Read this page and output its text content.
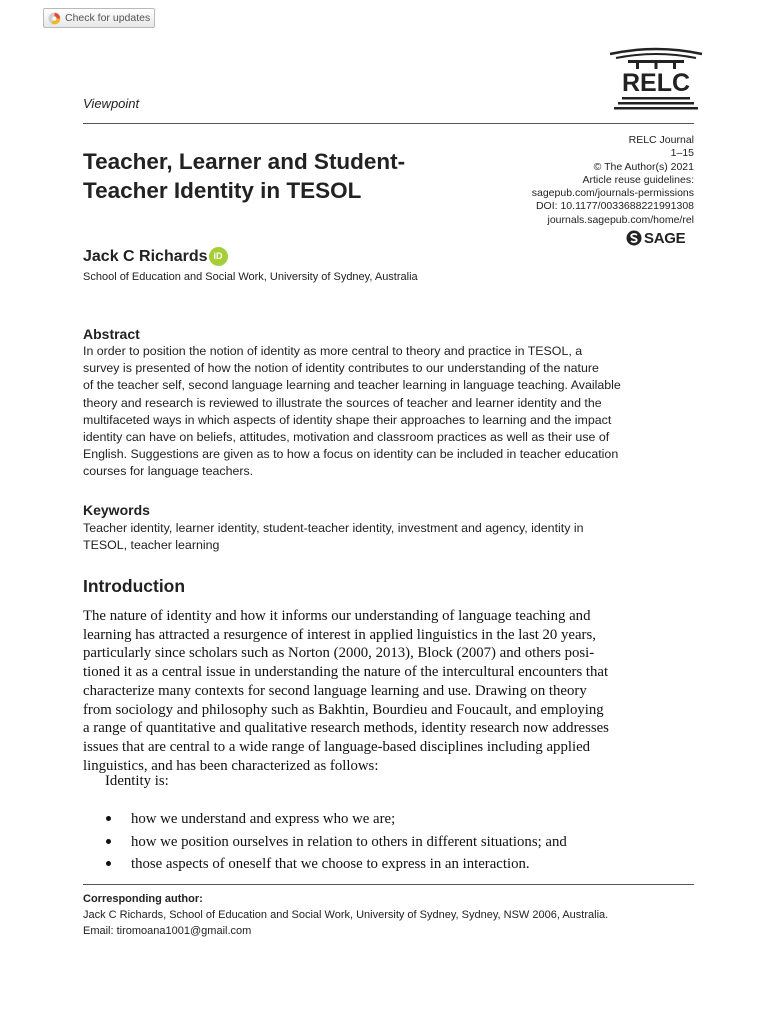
Check for updates
RELC
Viewpoint
RELC Journal
1–15
© The Author(s) 2021
Article reuse guidelines:
sagepub.com/journals-permissions
DOI: 10.1177/0033688221991308
journals.sagepub.com/home/rel
SAGE
Teacher, Learner and Student-
Teacher Identity in TESOL
Jack C Richards iD
School of Education and Social Work, University of Sydney, Australia
Abstract
In order to position the notion of identity as more central to theory and practice in TESOL, a
survey is presented of how the notion of identity contributes to our understanding of the nature
of the teacher self, second language learning and teacher learning in language teaching. Available
theory and research is reviewed to illustrate the sources of teacher and learner identity and the
multifaceted ways in which aspects of identity shape their approaches to learning and the impact
identity can have on beliefs, attitudes, motivation and classroom practices as well as their use of
English. Suggestions are given as to how a focus on identity can be included in teacher education
courses for language teachers.
Keywords
Teacher identity, learner identity, student-teacher identity, investment and agency, identity in
TESOL, teacher learning
Introduction
The nature of identity and how it informs our understanding of language teaching and
learning has attracted a resurgence of interest in applied linguistics in the last 20 years,
particularly since scholars such as Norton (2000, 2013), Block (2007) and others posi-
tioned it as a central issue in understanding the nature of the intercultural encounters that
characterize many contexts for second language learning and use. Drawing on theory
from sociology and philosophy such as Bakhtin, Bourdieu and Foucault, and employing
a range of quantitative and qualitative research methods, identity research now addresses
issues that are central to a wide range of language-based disciplines including applied
linguistics, and has been characterized as follows:
Identity is:
how we understand and express who we are;
how we position ourselves in relation to others in different situations; and
those aspects of oneself that we choose to express in an interaction.
Corresponding author:
Jack C Richards, School of Education and Social Work, University of Sydney, Sydney, NSW 2006, Australia.
Email: tiromoana1001@gmail.com
